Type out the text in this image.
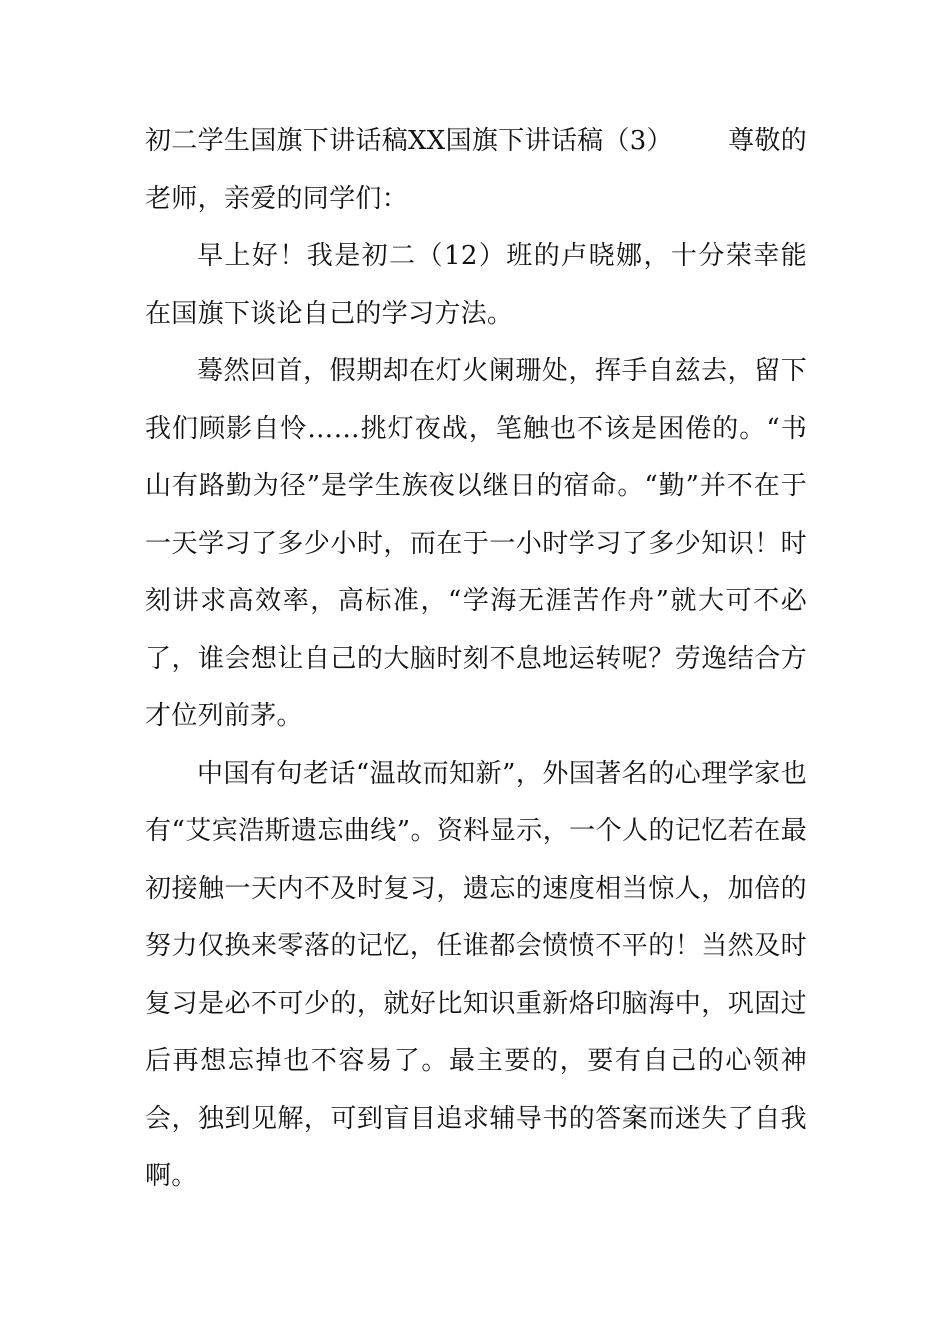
初二学生国旗下讲话稿XX国旗下讲话稿（3） 尊敬的
老师，亲爱的同学们：

早上好！我是初二（12）班的卢晓娜，十分荣幸能在国旗下谈论自己的学习方法。

蓦然回首，假期却在灯火阑珊处，挥手自兹去，留下我们顾影自怜……挑灯夜战，笔触也不该是困倦的。“书山有路勤为径”是学生族夜以继日的宿命。“勤”并不在于一天学习了多少小时，而在于一小时学习了多少知识！时刻讲求高效率，高标准，“学海无涯苦作舟”就大可不必了，谁会想让自己的大脑时刻不息地运转呢？劳逸结合方才位列前茅。

中国有句老话“温故而知新”，外国著名的心理学家也有“艾宾浩斯遗忘曲线”。资料显示，一个人的记忆若在最初接触一天内不及时复习，遗忘的速度相当惊人，加倍的努力仅换来零落的记忆，任谁都会愤愤不平的！当然及时复习是必不可少的，就好比知识重新烙印脑海中，巩固过后再想忘掉也不容易了。最主要的，要有自己的心领神会，独到见解，可到盲目追求辅导书的答案而迷失了自我啊。
